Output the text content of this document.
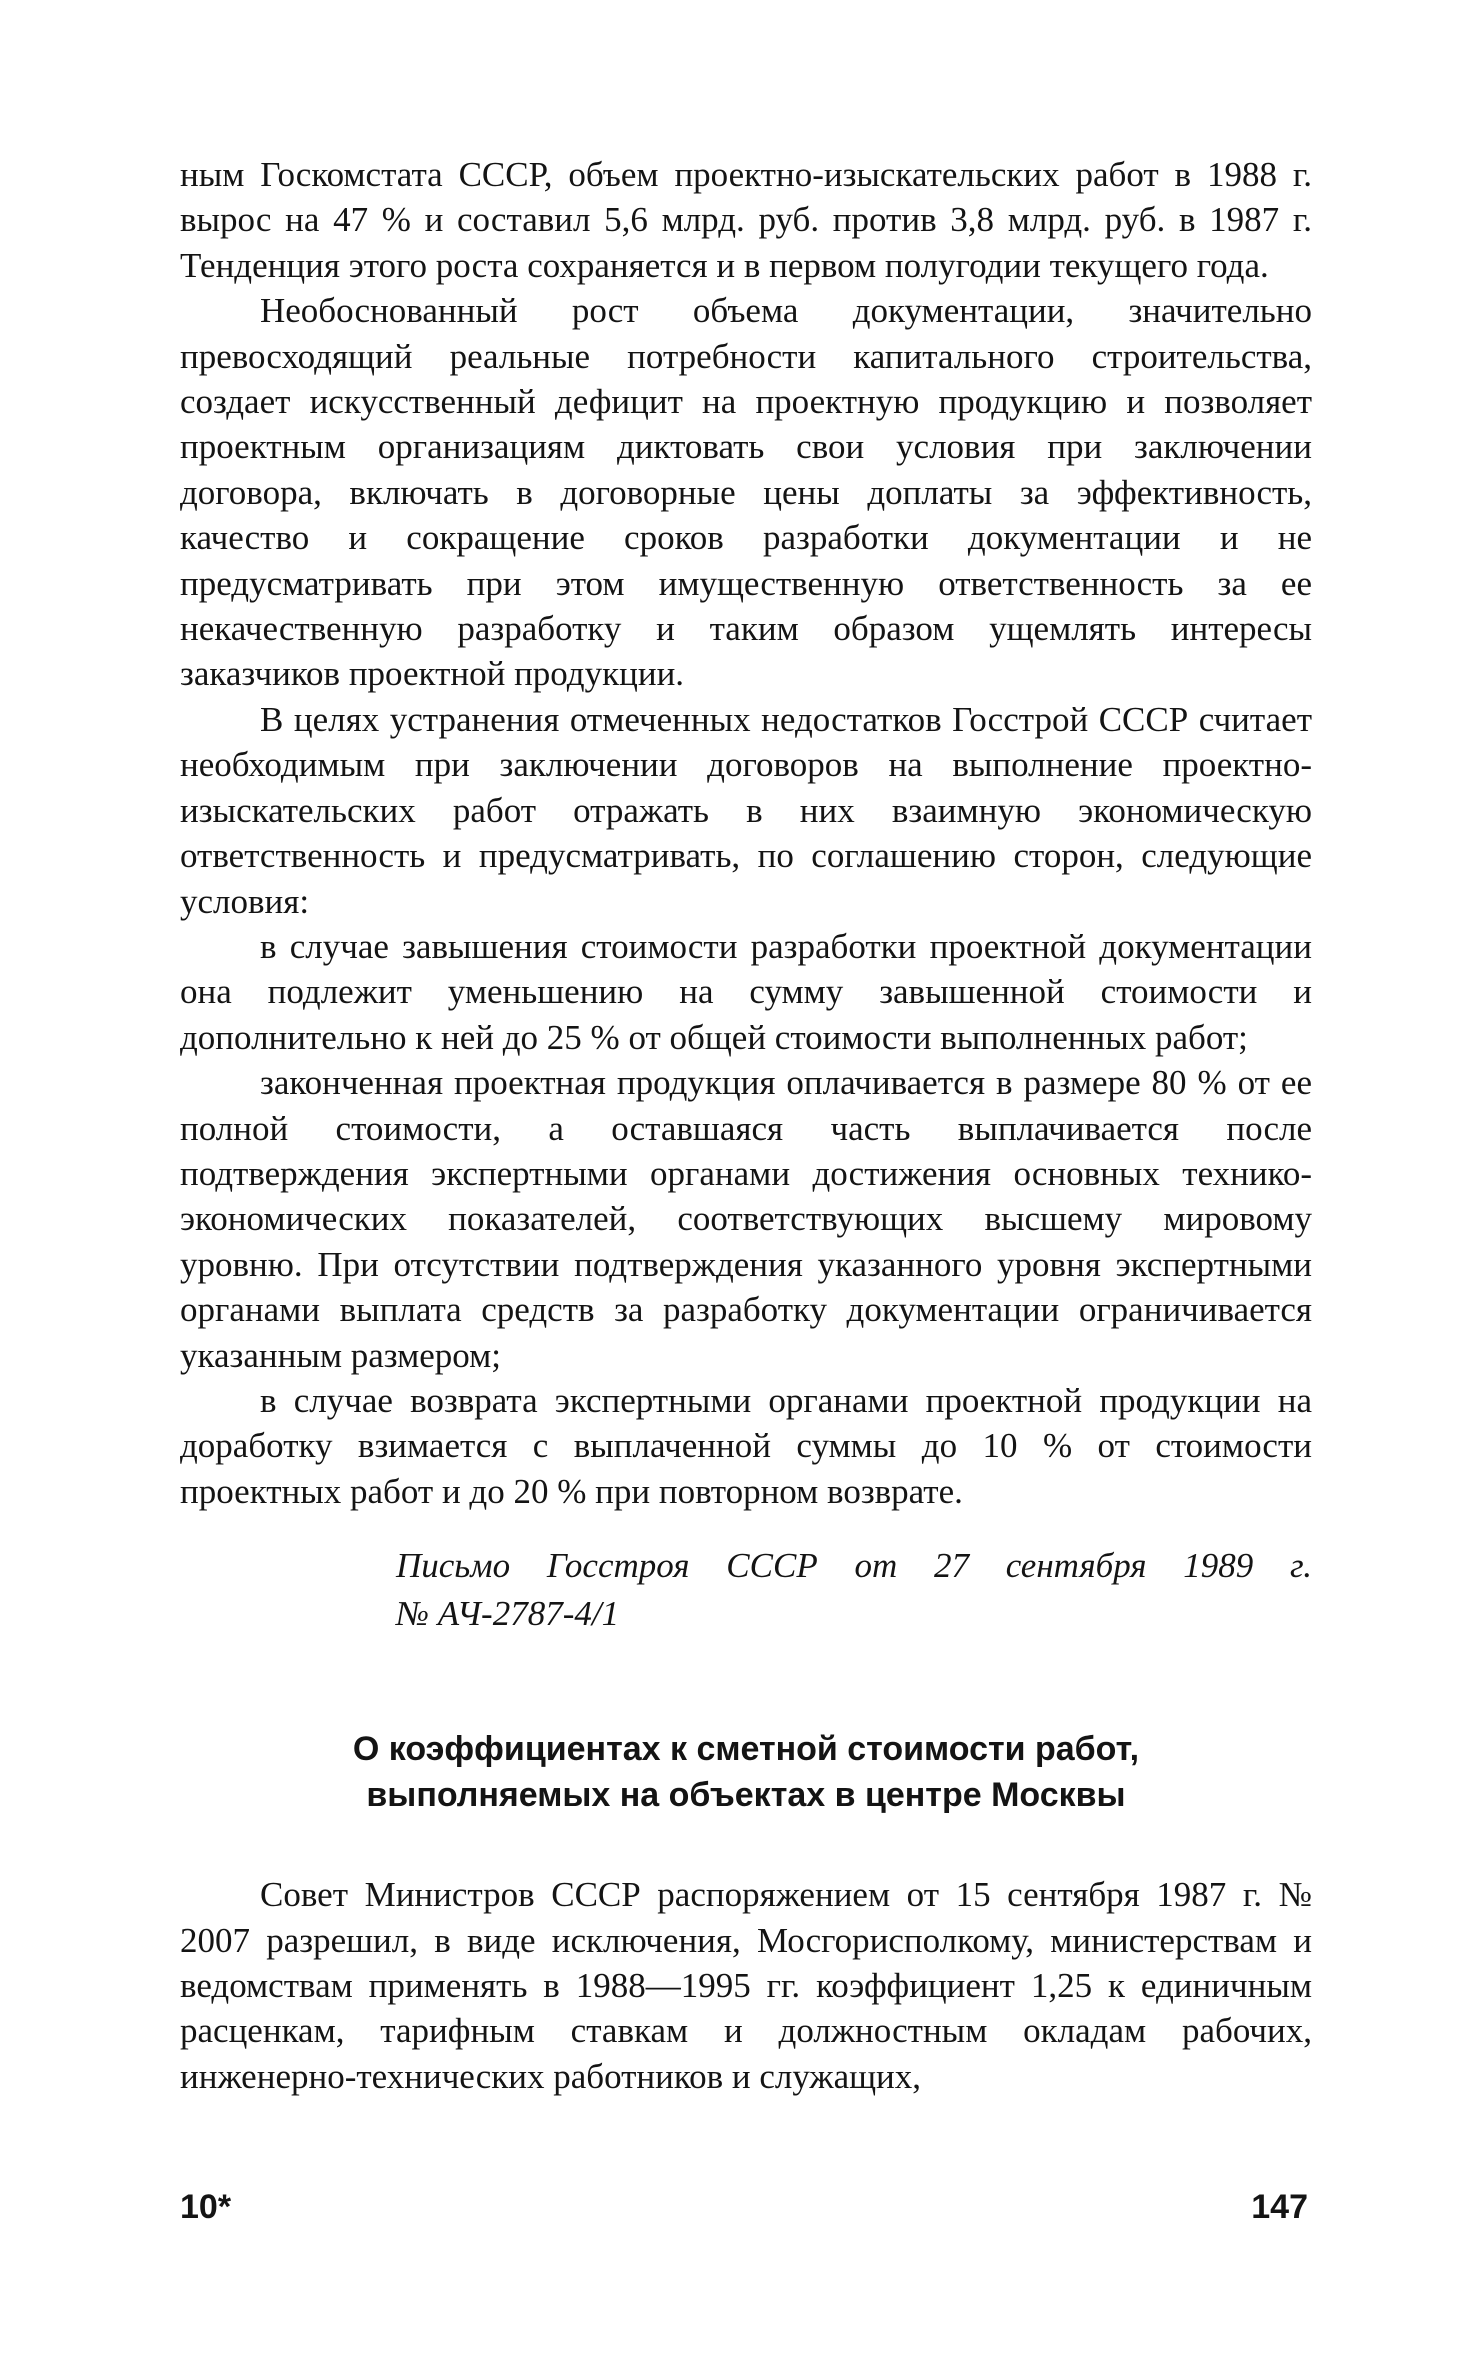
ным Госкомстата СССР, объем проектно-изыскательских работ в 1988 г. вырос на 47 % и составил 5,6 млрд. руб. против 3,8 млрд. руб. в 1987 г. Тенденция этого роста сохраняется и в первом полугодии текущего года.

Необоснованный рост объема документации, значительно превосходящий реальные потребности капитального строительства, создает искусственный дефицит на проектную продукцию и позволяет проектным организациям диктовать свои условия при заключении договора, включать в договорные цены доплаты за эффективность, качество и сокращение сроков разработки документации и не предусматривать при этом имущественную ответственность за ее некачественную разработку и таким образом ущемлять интересы заказчиков проектной продукции.

В целях устранения отмеченных недостатков Госстрой СССР считает необходимым при заключении договоров на выполнение проектно-изыскательских работ отражать в них взаимную экономическую ответственность и предусматривать, по соглашению сторон, следующие условия:

в случае завышения стоимости разработки проектной документации она подлежит уменьшению на сумму завышенной стоимости и дополнительно к ней до 25 % от общей стоимости выполненных работ;

законченная проектная продукция оплачивается в размере 80 % от ее полной стоимости, а оставшаяся часть выплачивается после подтверждения экспертными органами достижения основных технико-экономических показателей, соответствующих высшему мировому уровню. При отсутствии подтверждения указанного уровня экспертными органами выплата средств за разработку документации ограничивается указанным размером;

в случае возврата экспертными органами проектной продукции на доработку взимается с выплаченной суммы до 10 % от стоимости проектных работ и до 20 % при повторном возврате.

Письмо Госстроя СССР от 27 сентября 1989 г.
№ АЧ-2787-4/1
О коэффициентах к сметной стоимости работ,
выполняемых на объектах в центре Москвы

Совет Министров СССР распоряжением от 15 сентября 1987 г. № 2007 разрешил, в виде исключения, Мосгорисполкому, министерствам и ведомствам применять в 1988—1995 гг. коэффициент 1,25 к единичным расценкам, тарифным ставкам и должностным окладам рабочих, инженерно-технических работников и служащих,

10*	147
